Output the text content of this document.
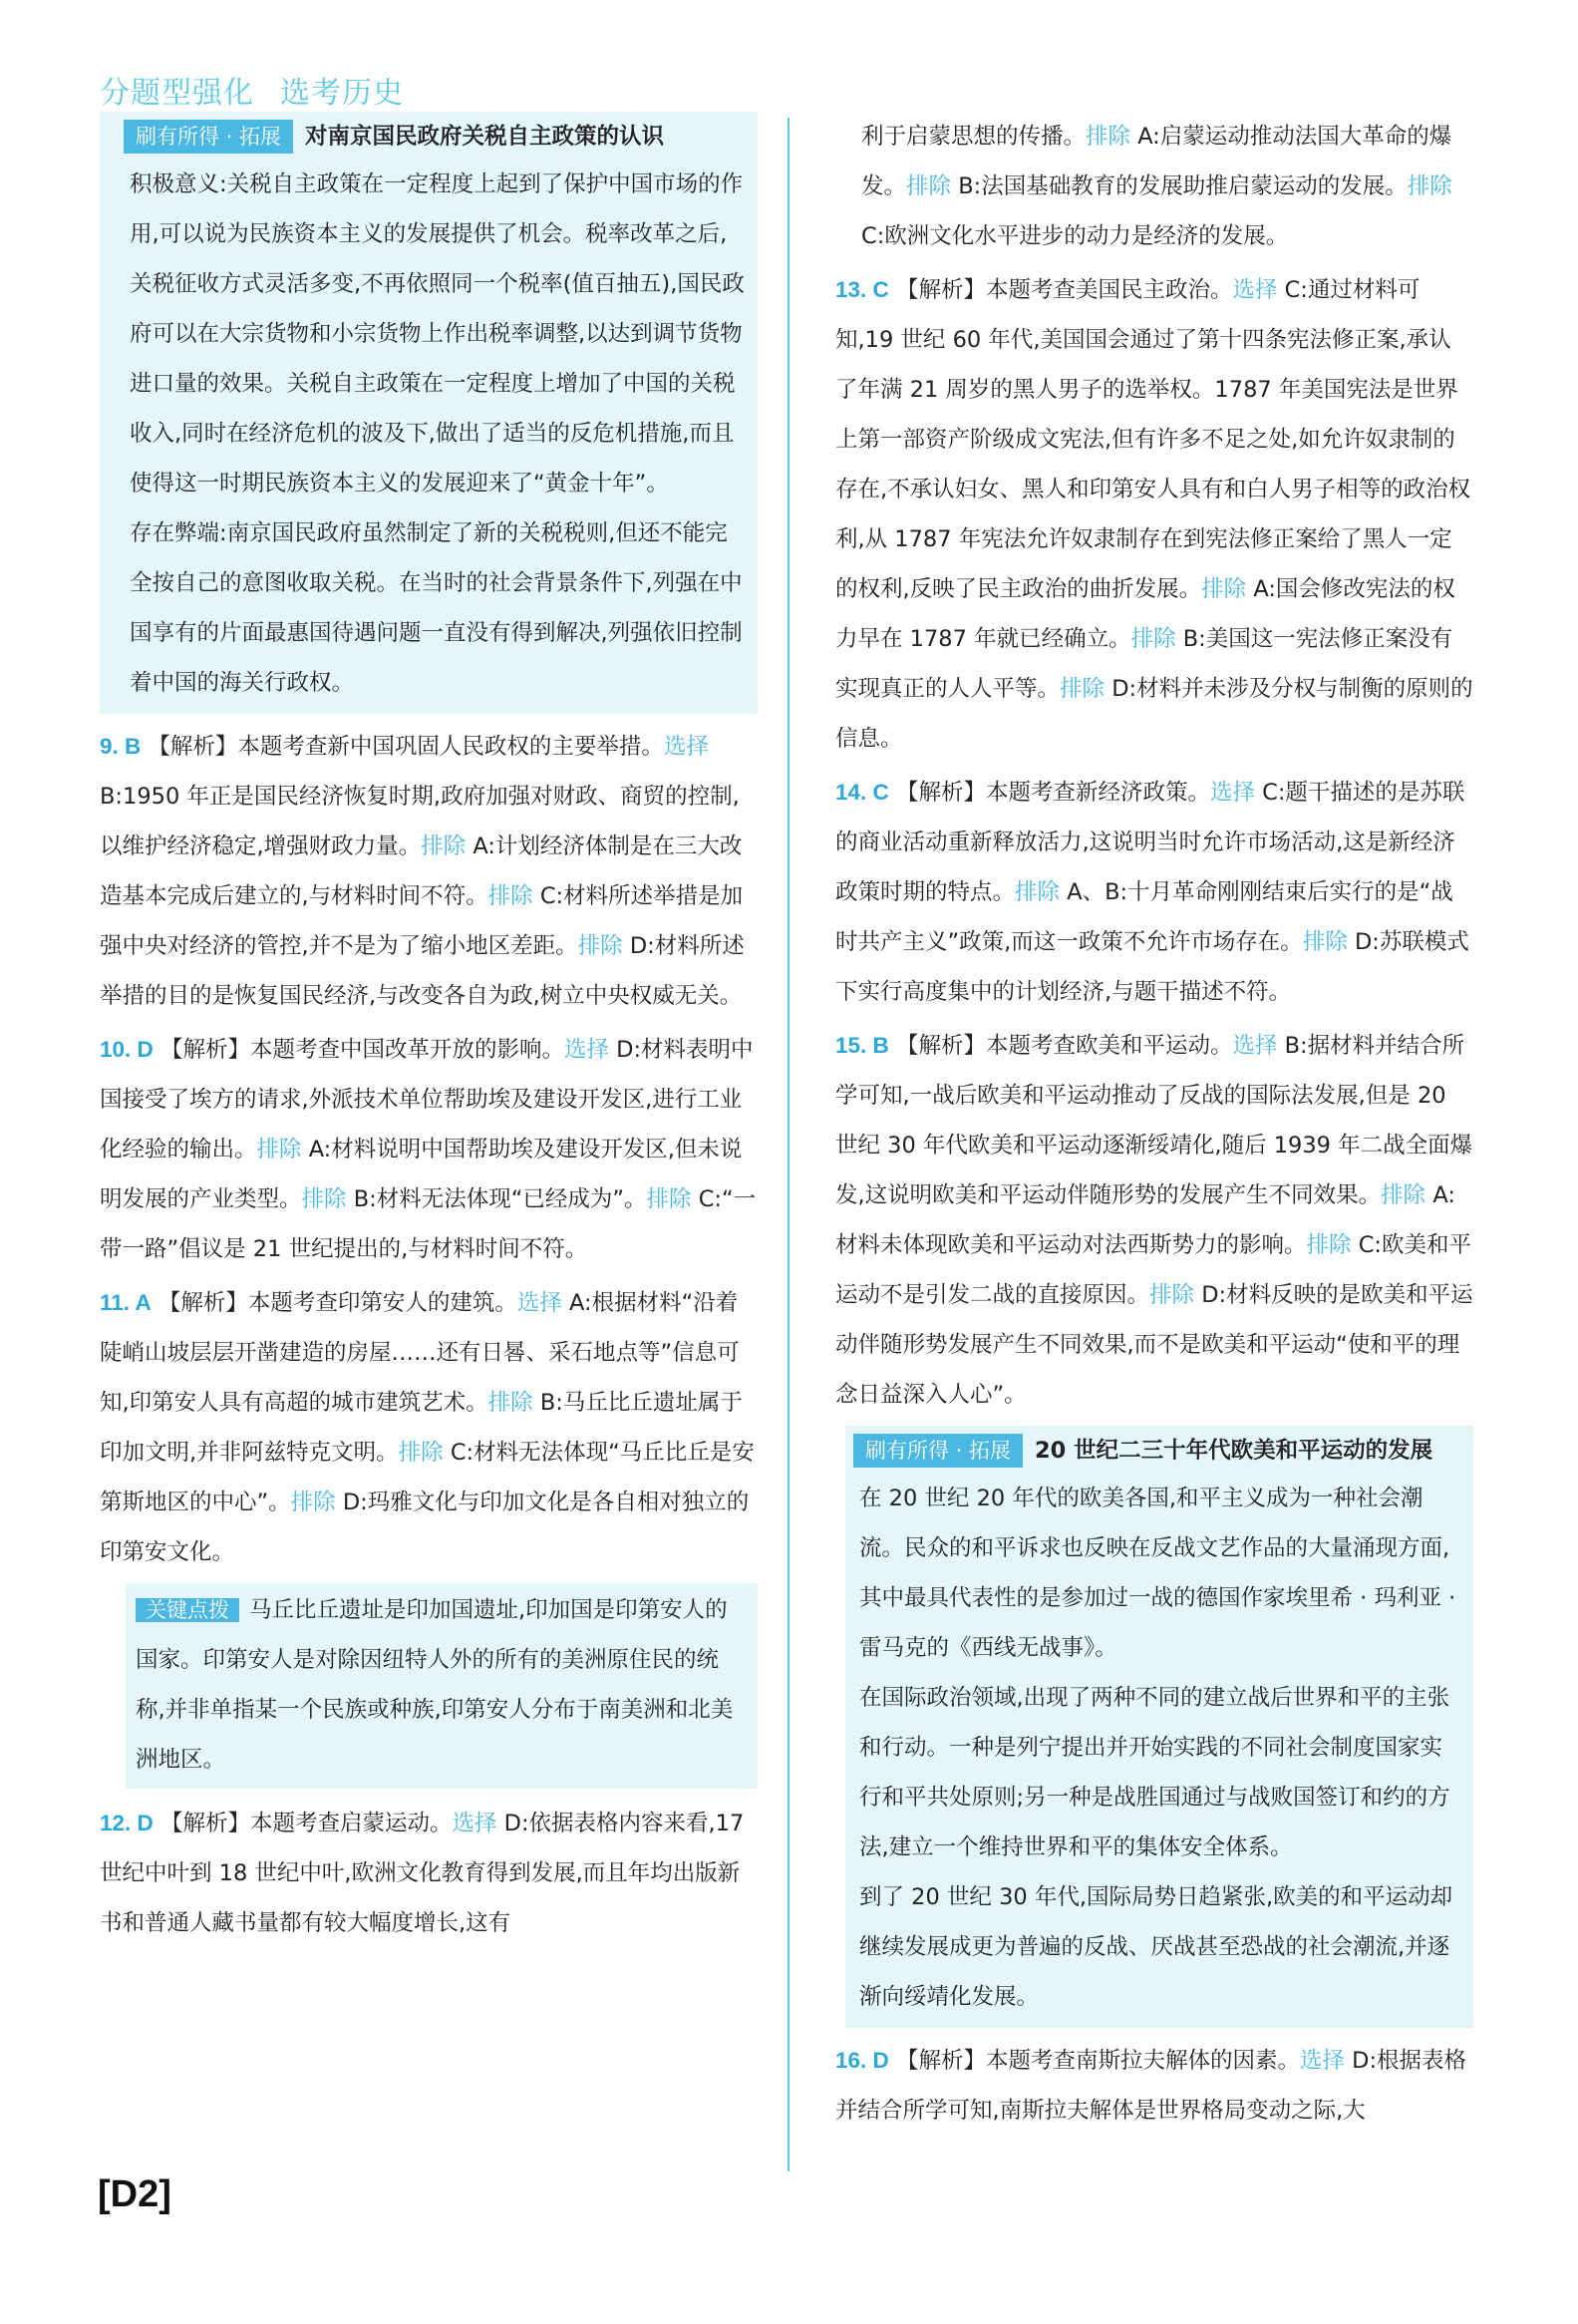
分题型强化 选考历史
刷有所得 · 拓展	对南京国民政府关税自主政策的认识

积极意义:关税自主政策在一定程度上起到了保护中国市场的作用,可以说为民族资本主义的发展提供了机会。税率改革之后,关税征收方式灵活多变,不再依照同一个税率(值百抽五),国民政府可以在大宗货物和小宗货物上作出税率调整,以达到调节货物进口量的效果。关税自主政策在一定程度上增加了中国的关税收入,同时在经济危机的波及下,做出了适当的反危机措施,而且使得这一时期民族资本主义的发展迎来了“黄金十年”。

存在弊端:南京国民政府虽然制定了新的关税税则,但还不能完全按自己的意图收取关税。在当时的社会背景条件下,列强在中国享有的片面最惠国待遇问题一直没有得到解决,列强依旧控制着中国的海关行政权。

9. B 【解析】本题考查新中国巩固人民政权的主要举措。选择 B:1950 年正是国民经济恢复时期,政府加强对财政、商贸的控制,以维护经济稳定,增强财政力量。排除 A:计划经济体制是在三大改造基本完成后建立的,与材料时间不符。排除 C:材料所述举措是加强中央对经济的管控,并不是为了缩小地区差距。排除 D:材料所述举措的目的是恢复国民经济,与改变各自为政,树立中央权威无关。
10. D 【解析】本题考查中国改革开放的影响。选择 D:材料表明中国接受了埃方的请求,外派技术单位帮助埃及建设开发区,进行工业化经验的输出。排除 A:材料说明中国帮助埃及建设开发区,但未说明发展的产业类型。排除 B:材料无法体现“已经成为”。排除 C:“一带一路”倡议是 21 世纪提出的,与材料时间不符。
11. A 【解析】本题考查印第安人的建筑。选择 A:根据材料“沿着陡峭山坡层层开凿建造的房屋……还有日晷、采石地点等”信息可知,印第安人具有高超的城市建筑艺术。排除 B:马丘比丘遗址属于印加文明,并非阿兹特克文明。排除 C:材料无法体现“马丘比丘是安第斯地区的中心”。排除 D:玛雅文化与印加文化是各自相对独立的印第安文化。
关键点拨 马丘比丘遗址是印加国遗址,印加国是印第安人的国家。印第安人是对除因纽特人外的所有的美洲原住民的统称,并非单指某一个民族或种族,印第安人分布于南美洲和北美洲地区。
12. D 【解析】本题考查启蒙运动。选择 D:依据表格内容来看,17 世纪中叶到 18 世纪中叶,欧洲文化教育得到发展,而且年均出版新书和普通人藏书量都有较大幅度增长,这有
利于启蒙思想的传播。排除 A:启蒙运动推动法国大革命的爆发。排除 B:法国基础教育的发展助推启蒙运动的发展。排除 C:欧洲文化水平进步的动力是经济的发展。
13. C 【解析】本题考查美国民主政治。选择 C:通过材料可知,19 世纪 60 年代,美国国会通过了第十四条宪法修正案,承认了年满 21 周岁的黑人男子的选举权。1787 年美国宪法是世界上第一部资产阶级成文宪法,但有许多不足之处,如允许奴隶制的存在,不承认妇女、黑人和印第安人具有和白人男子相等的政治权利,从 1787 年宪法允许奴隶制存在到宪法修正案给了黑人一定的权利,反映了民主政治的曲折发展。排除 A:国会修改宪法的权力早在 1787 年就已经确立。排除 B:美国这一宪法修正案没有实现真正的人人平等。排除 D:材料并未涉及分权与制衡的原则的信息。
14. C 【解析】本题考查新经济政策。选择 C:题干描述的是苏联的商业活动重新释放活力,这说明当时允许市场活动,这是新经济政策时期的特点。排除 A、B:十月革命刚刚结束后实行的是“战时共产主义”政策,而这一政策不允许市场存在。排除 D:苏联模式下实行高度集中的计划经济,与题干描述不符。
15. B 【解析】本题考查欧美和平运动。选择 B:据材料并结合所学可知,一战后欧美和平运动推动了反战的国际法发展,但是 20 世纪 30 年代欧美和平运动逐渐绥靖化,随后 1939 年二战全面爆发,这说明欧美和平运动伴随形势的发展产生不同效果。排除 A:材料未体现欧美和平运动对法西斯势力的影响。排除 C:欧美和平运动不是引发二战的直接原因。排除 D:材料反映的是欧美和平运动伴随形势发展产生不同效果,而不是欧美和平运动“使和平的理念日益深入人心”。
刷有所得 · 拓展	20 世纪二三十年代欧美和平运动的发展

在 20 世纪 20 年代的欧美各国,和平主义成为一种社会潮流。民众的和平诉求也反映在反战文艺作品的大量涌现方面,其中最具代表性的是参加过一战的德国作家埃里希 · 玛利亚 · 雷马克的《西线无战事》。

在国际政治领域,出现了两种不同的建立战后世界和平的主张和行动。一种是列宁提出并开始实践的不同社会制度国家实行和平共处原则;另一种是战胜国通过与战败国签订和约的方法,建立一个维持世界和平的集体安全体系。

到了 20 世纪 30 年代,国际局势日趋紧张,欧美的和平运动却继续发展成更为普遍的反战、厌战甚至恐战的社会潮流,并逐渐向绥靖化发展。

16. D 【解析】本题考查南斯拉夫解体的因素。选择 D:根据表格并结合所学可知,南斯拉夫解体是世界格局变动之际,大
[D2]
